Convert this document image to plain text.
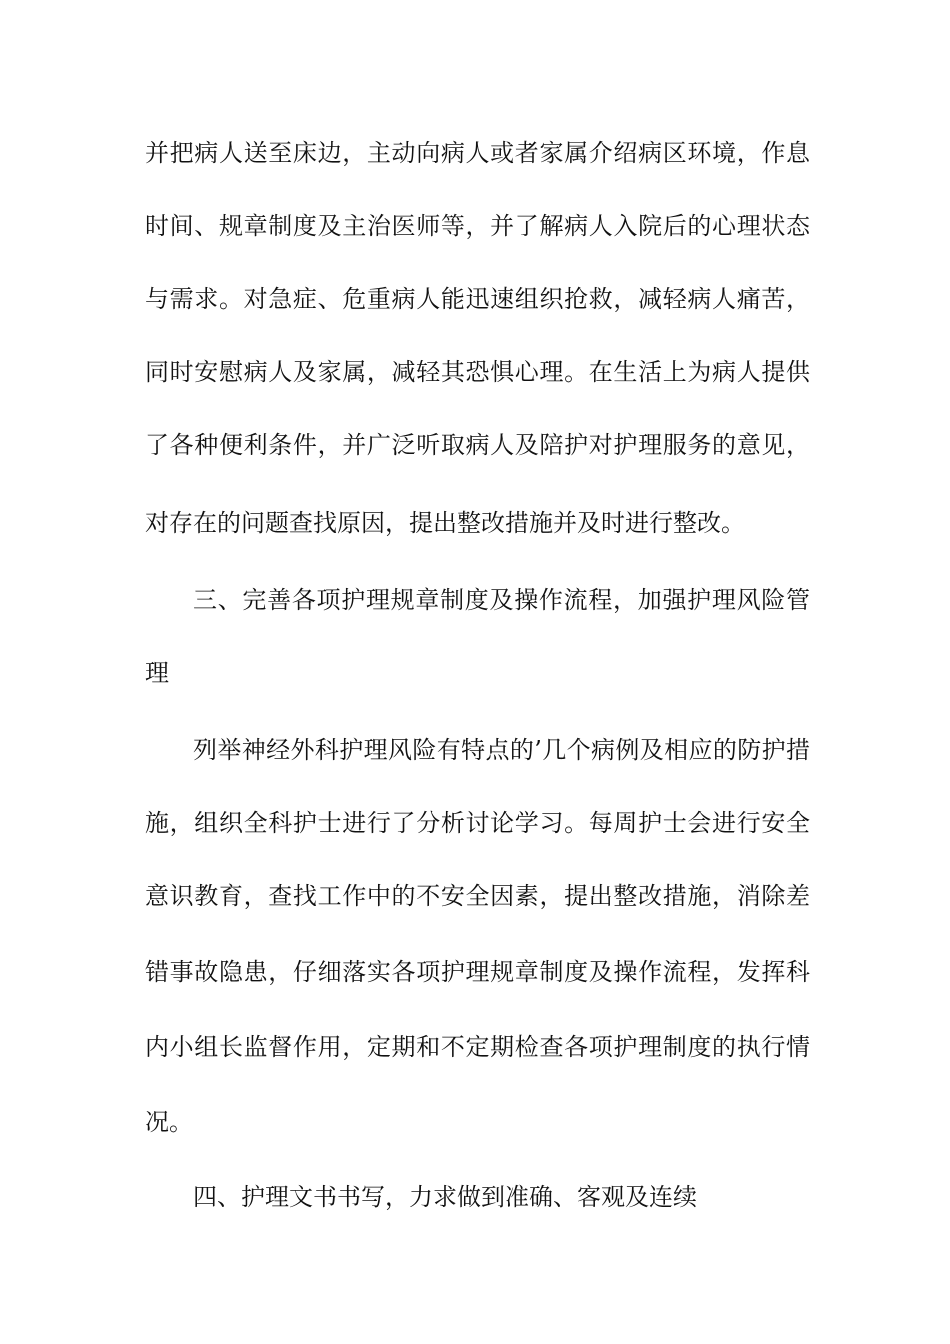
并把病人送至床边，主动向病人或者家属介绍病区环境，作息
时间、规章制度及主治医师等，并了解病人入院后的心理状态
与需求。对急症、危重病人能迅速组织抢救，减轻病人痛苦，
同时安慰病人及家属，减轻其恐惧心理。在生活上为病人提供
了各种便利条件，并广泛听取病人及陪护对护理服务的意见，
对存在的问题查找原因，提出整改措施并及时进行整改。
三、完善各项护理规章制度及操作流程，加强护理风险管
理
列举神经外科护理风险有特点的’几个病例及相应的防护措
施，组织全科护士进行了分析讨论学习。每周护士会进行安全
意识教育，查找工作中的不安全因素，提出整改措施，消除差
错事故隐患，仔细落实各项护理规章制度及操作流程，发挥科
内小组长监督作用，定期和不定期检查各项护理制度的执行情
况。
四、护理文书书写，力求做到准确、客观及连续
